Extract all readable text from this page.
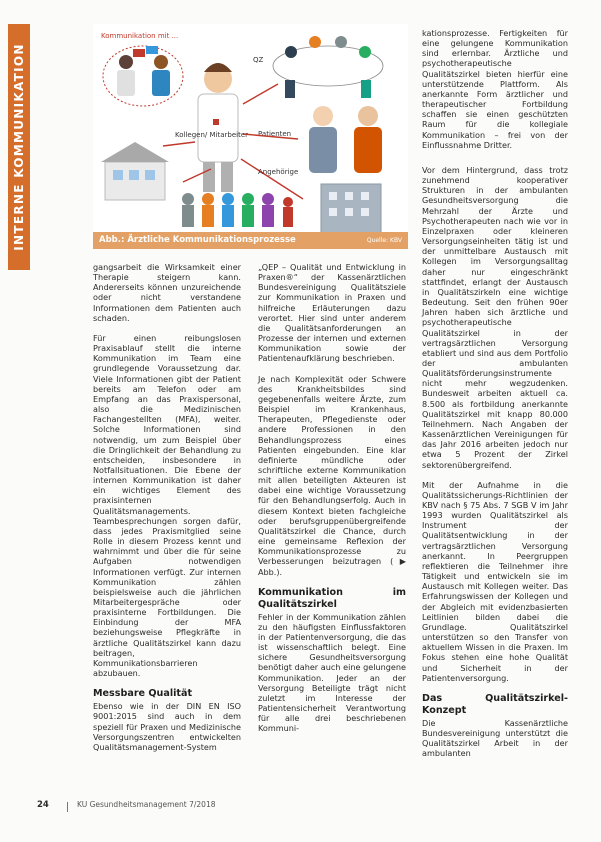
INTERNE KOMMUNIKATION
Kommunikation mit ...
QZ
Patienten
Kollegen/ Mitarbeiter
Angehörige
Abb.: Ärztliche Kommunikationsprozesse	Quelle: KBV

gangsarbeit die Wirksamkeit einer Therapie steigern kann. Andererseits können unzureichende oder nicht verstandene Informationen dem Patienten auch schaden.

Für einen reibungslosen Praxisablauf stellt die interne Kommunikation im Team eine grundlegende Voraussetzung dar. Viele Informationen gibt der Patient bereits am Telefon oder am Empfang an das Praxispersonal, also die Medizinischen Fachangestellten (MFA), weiter. Solche Informationen sind notwendig, um zum Beispiel über die Dringlichkeit der Behandlung zu entscheiden, insbesondere in Notfallsituationen. Die Ebene der internen Kommunikation ist daher ein wichtiges Element des praxisinternen Qualitätsmanagements. Teambesprechungen sorgen dafür, dass jedes Praxismitglied seine Rolle in diesem Prozess kennt und wahrnimmt und über die für seine Aufgaben notwendigen Informationen verfügt. Zur internen Kommunikation zählen beispielsweise auch die jährlichen Mitarbeitergespräche oder praxisinterne Fortbildungen. Die Einbindung der MFA beziehungsweise Pflegkräfte in ärztliche Qualitätszirkel kann dazu beitragen, Kommunikationsbarrieren abzubauen.

Messbare Qualität

Ebenso wie in der DIN EN ISO 9001:2015 sind auch in dem speziell für Praxen und Medizinische Versorgungszentren entwickelten Qualitätsmanagement-System

„QEP – Qualität und Entwicklung in Praxen®“ der Kassenärztlichen Bundesvereinigung Qualitätsziele zur Kommunikation in Praxen und hilfreiche Erläuterungen dazu verortet. Hier sind unter anderem die Qualitätsanforderungen an Prozesse der internen und externen Kommunikation sowie der Patientenaufklärung beschrieben.

Je nach Komplexität oder Schwere des Krankheitsbildes sind gegebenenfalls weitere Ärzte, zum Beispiel im Krankenhaus, Therapeuten, Pflegedienste oder andere Professionen in den Behandlungsprozess eines Patienten eingebunden. Eine klar definierte mündliche oder schriftliche externe Kommunikation mit allen beteiligten Akteuren ist dabei eine wichtige Voraussetzung für den Behandlungserfolg. Auch in diesem Kontext bieten fachgleiche oder berufsgruppenübergreifende Qualitätszirkel die Chance, durch eine gemeinsame Reflexion der Kommunikationsprozesse zu Verbesserungen beizutragen (▶ Abb.).

Kommunikation im Qualitätszirkel

Fehler in der Kommunikation zählen zu den häufigsten Einflussfaktoren in der Patientenversorgung, die das ist wissenschaftlich belegt. Eine sichere Gesundheitsversorgung benötigt daher auch eine gelungene Kommunikation. Jeder an der Versorgung Beteiligte trägt nicht zuletzt im Interesse der Patientensicherheit Verantwortung für alle drei beschriebenen Kommuni-

kationsprozesse. Fertigkeiten für eine gelungene Kommunikation sind erlernbar. Ärztliche und psychotherapeutische Qualitätszirkel bieten hierfür eine unterstützende Plattform. Als anerkannte Form ärztlicher und therapeutischer Fortbildung schaffen sie einen geschützten Raum für die kollegiale Kommunikation – frei von der Einflussnahme Dritter.

Vor dem Hintergrund, dass trotz zunehmend kooperativer Strukturen in der ambulanten Gesundheitsversorgung die Mehrzahl der Ärzte und Psychotherapeuten nach wie vor in Einzelpraxen oder kleineren Versorgungseinheiten tätig ist und der unmittelbare Austausch mit Kollegen im Versorgungsalltag daher nur eingeschränkt stattfindet, erlangt der Austausch in Qualitätszirkeln eine wichtige Bedeutung. Seit den frühen 90er Jahren haben sich ärztliche und psychotherapeutische Qualitätszirkel in der vertragsärztlichen Versorgung etabliert und sind aus dem Portfolio der ambulanten Qualitätsförderungsinstrumente nicht mehr wegzudenken. Bundesweit arbeiten aktuell ca. 8.500 als fortbildung anerkannte Qualitätszirkel mit knapp 80.000 Teilnehmern. Nach Angaben der Kassenärztlichen Vereinigungen für das Jahr 2016 arbeiten jedoch nur etwa 5 Prozent der Zirkel sektorenübergreifend.

Mit der Aufnahme in die Qualitätssicherungs-Richtlinien der KBV nach § 75 Abs. 7 SGB V im Jahr 1993 wurden Qualitätszirkel als Instrument der Qualitätsentwicklung in der vertragsärztlichen Versorgung anerkannt. In Peergruppen reflektieren die Teilnehmer ihre Tätigkeit und entwickeln sie im Austausch mit Kollegen weiter. Das Erfahrungswissen der Kollegen und der Abgleich mit evidenzbasierten Leitlinien bilden dabei die Grundlage. Qualitätszirkel unterstützen so den Transfer von aktuellem Wissen in die Praxen. Im Fokus stehen eine hohe Qualität und Sicherheit in der Patientenversorgung.

Das Qualitätszirkel-Konzept

Die Kassenärztliche Bundesvereinigung unterstützt die Qualitätszirkel Arbeit in der ambulanten

24	KU Gesundheitsmanagement 7/2018
